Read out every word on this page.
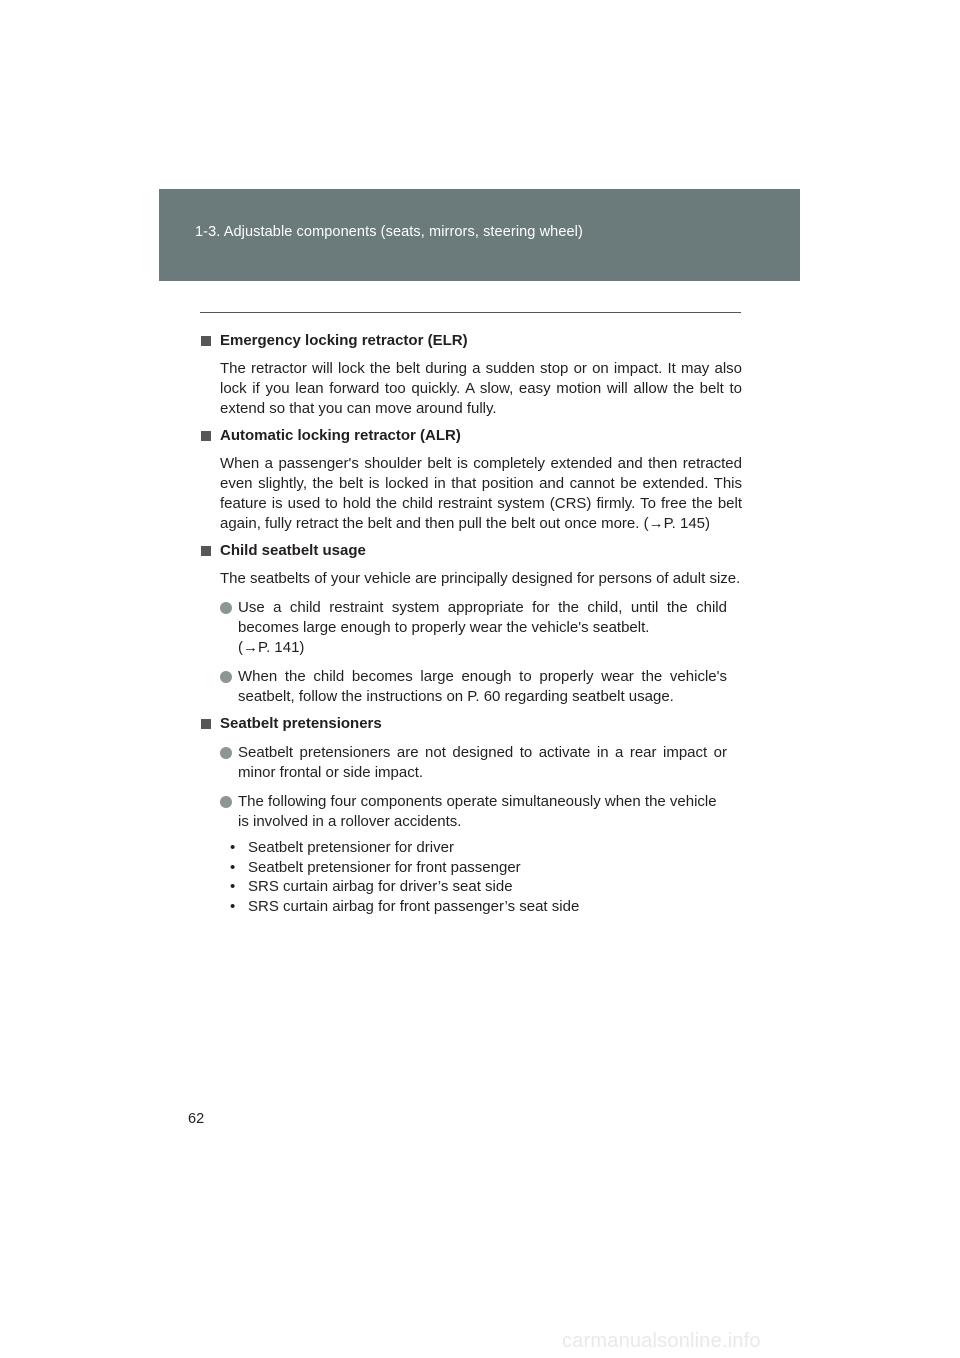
1-3. Adjustable components (seats, mirrors, steering wheel)
Emergency locking retractor (ELR)
The retractor will lock the belt during a sudden stop or on impact. It may also lock if you lean forward too quickly. A slow, easy motion will allow the belt to extend so that you can move around fully.
Automatic locking retractor (ALR)
When a passenger's shoulder belt is completely extended and then retracted even slightly, the belt is locked in that position and cannot be extended. This feature is used to hold the child restraint system (CRS) firmly. To free the belt again, fully retract the belt and then pull the belt out once more. (→P. 145)
Child seatbelt usage
The seatbelts of your vehicle are principally designed for persons of adult size.
Use a child restraint system appropriate for the child, until the child becomes large enough to properly wear the vehicle's seatbelt.
(→P. 141)
When the child becomes large enough to properly wear the vehicle's seatbelt, follow the instructions on P. 60 regarding seatbelt usage.
Seatbelt pretensioners
Seatbelt pretensioners are not designed to activate in a rear impact or minor frontal or side impact.
The following four components operate simultaneously when the vehicle is involved in a rollover accidents.
• Seatbelt pretensioner for driver
• Seatbelt pretensioner for front passenger
• SRS curtain airbag for driver’s seat side
• SRS curtain airbag for front passenger’s seat side
62
carmanualsonline.info
